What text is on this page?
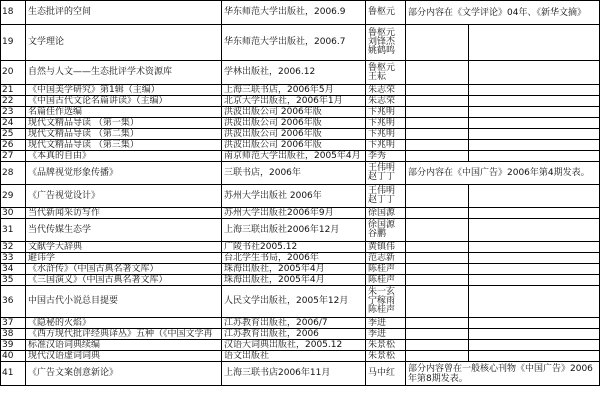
18	生态批评的空间	华东师范大学出版社，2006.9	鲁枢元	部分内容在《文学评论》04年、《新华文摘》	
19	文学理论	华东师范大学出版社，2006.7	鲁枢元 刘锋杰 姚鹤鸣		
20	自然与人文——生态批评学术资源库	学林出版社，2006.12	鲁枢元 王耘		
21	《中国美学研究》第1辑（主编）	上海三联书店，2006年5月	朱志荣		
22	《中国古代文论名篇讲读》（主编）	北京大学出版社，2006年1月	朱志荣		
23	名篇佳作选编	洪波出版公司 2006年版	卞兆明		
24	现代文精品导读 （第一集）	洪波出版公司 2006年版	卞兆明		
25	现代文精品导读 （第二集）	洪波出版公司 2006年版	卞兆明		
26	现代文精品导读 （第三集）	洪波出版公司 2006年版	卞兆明		
27	《本真的自由》	南京师范大学出版社，2005年4月	李秀		
28	《品牌视觉形象传播》	三联书店，2006年	王伟明 赵丁丁	部分内容在《中国广告》2006年第4期发表。	
29	《广告视觉设计》	苏州大学出版社 2006年	王伟明 赵丁丁		
30	当代新闻采访写作	苏州大学出版社2006年9月	徐国源		
31	当代传媒生态学	上海三联出版社2006年12月	徐国源 谷鹏		
32	文献学大辞典	广陵书社2005.12	黄镇伟		
33	避讳学	台北学生书局，2006年	范志新		
34	《水浒传》（中国古典名著文库）	珠海出版社，2005年4月	陈桂声		
35	《三国演义》（中国古典名著文库）	珠海出版社，2005年4月	陈桂声		
36	中国古代小说总目提要	人民文学出版社，2005年12月	朱一玄 宁稼雨 陈桂声		
37	《隐秘的火焰》	江苏教育出版社，2006/7	季进		
38	《西方现代批评经典译丛》五种（《中国文学再	江苏教育出版社，2006	季进		
39	标准汉语词典续编	汉语大词典出版社，2005.12	朱景松		
40	现代汉语虚词词典	语文出版社	朱景松		
41	《广告文案创意新论》	上海三联书店2006年11月	马中红	部分内容曾在一般核心刊物《中国广告》2006年第8期发表。	
